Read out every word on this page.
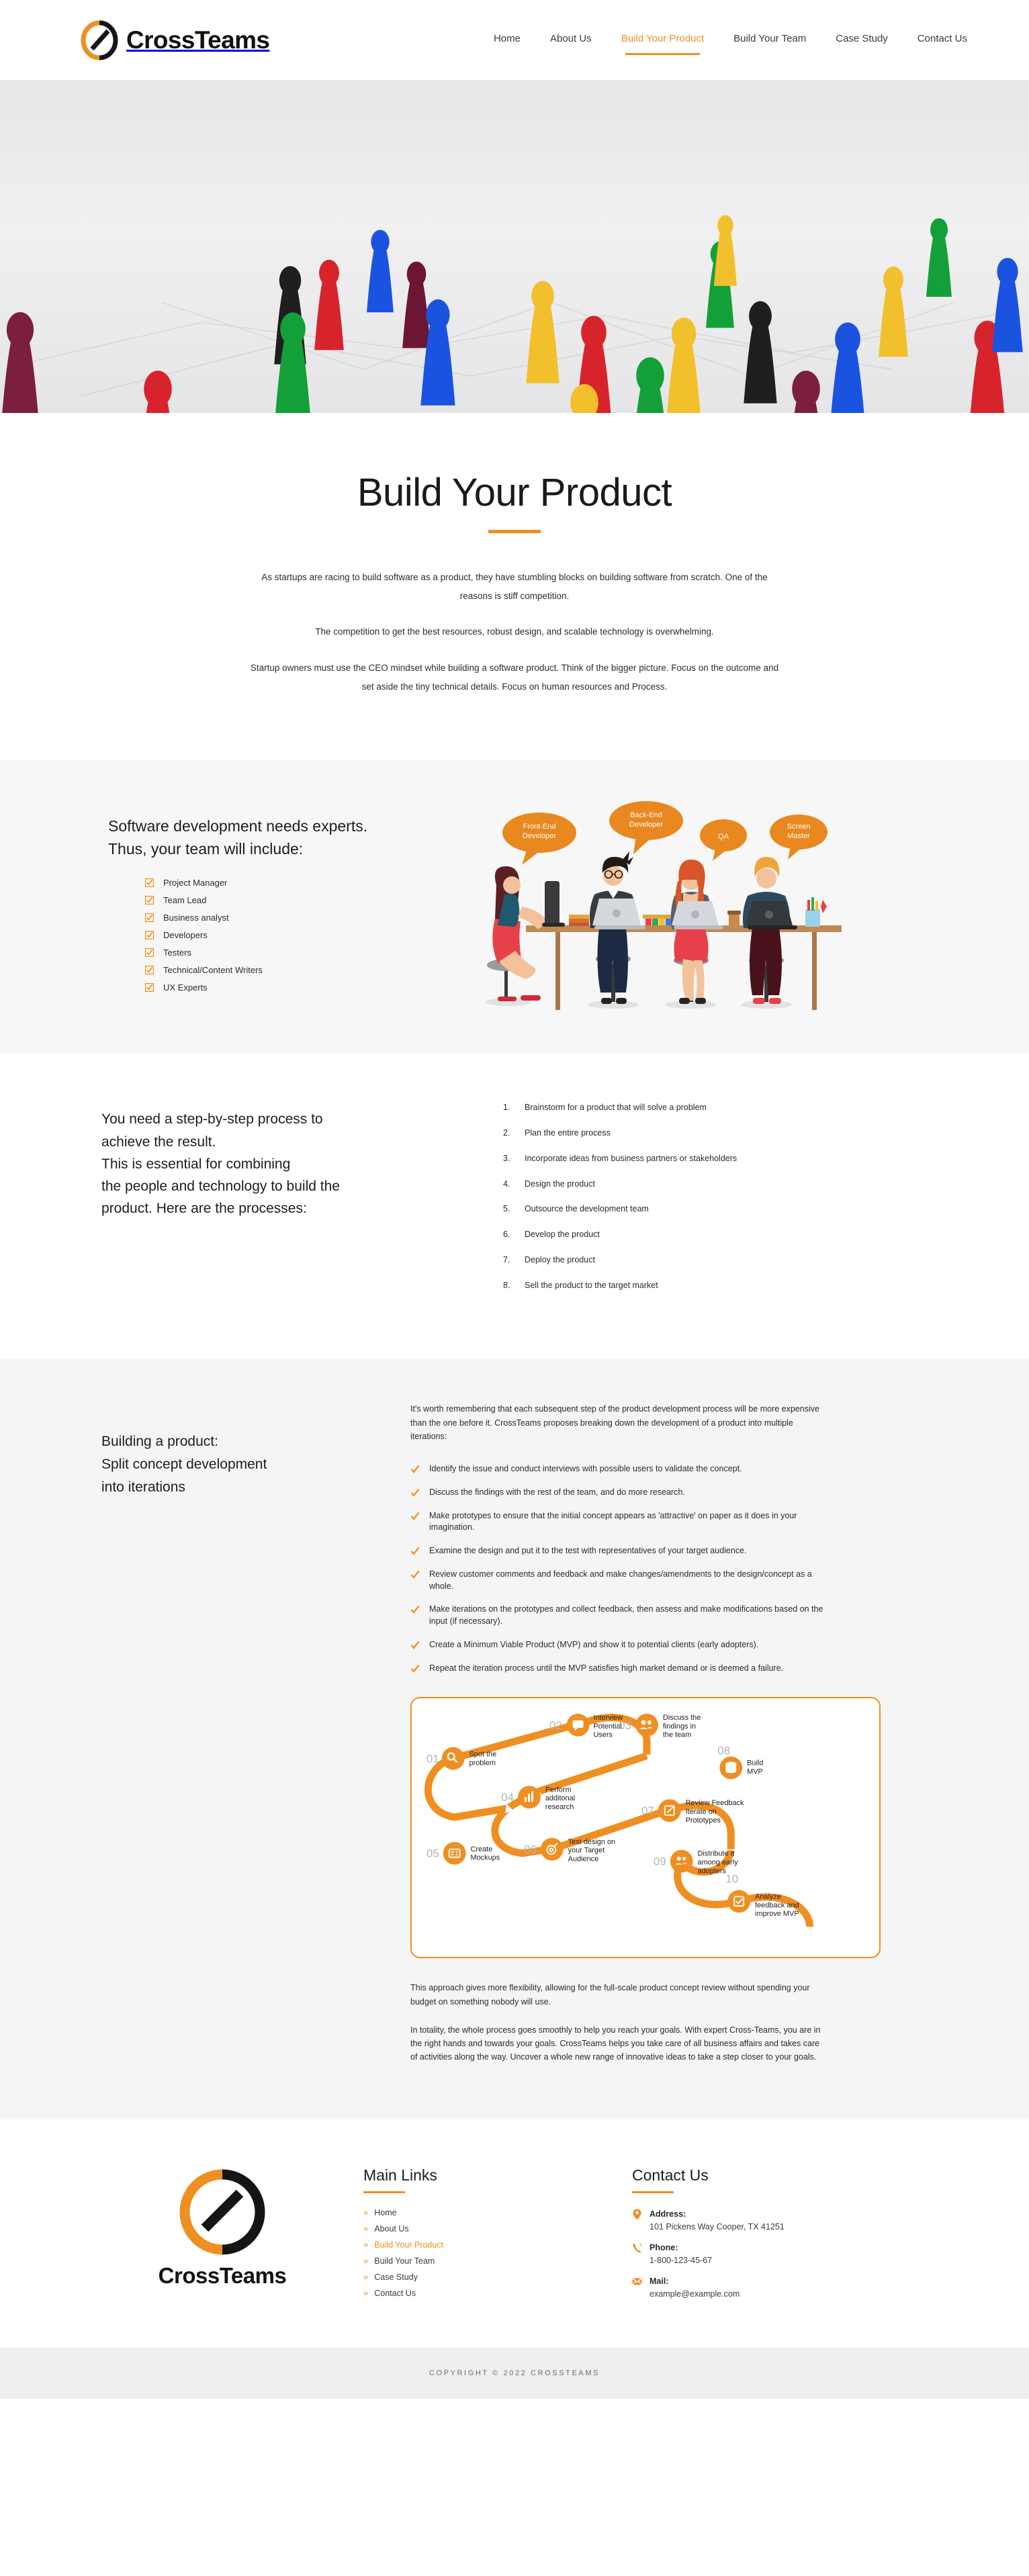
CrossTeams	Home	About Us	Build Your Product	Build Your Team	Case Study	Contact Us
Build Your Product

As startups are racing to build software as a product, they have stumbling blocks on building software from scratch. One of the reasons is stiff competition.

The competition to get the best resources, robust design, and scalable technology is overwhelming.

Startup owners must use the CEO mindset while building a software product. Think of the bigger picture. Focus on the outcome and set aside the tiny technical details. Focus on human resources and Process.

Software development needs experts.
Thus, your team will include:
Project Manager
Team Lead
Business analyst
Developers
Testers
Technical/Content Writers
UX Experts
Front-End
Developer
Back-End
Developer
QA
Screen
Master
You need a step-by-step process to
achieve the result.
This is essential for combining
the people and technology to build the
product. Here are the processes:
Brainstorm for a product that will solve a problem
Plan the entire process
Incorporate ideas from business partners or stakeholders
Design the product
Outsource the development team
Develop the product
Deploy the product
Sell the product to the target market
Building a product:
Split concept development
into iterations

It's worth remembering that each subsequent step of the product development process will be more expensive than the one before it. CrossTeams proposes breaking down the development of a product into multiple iterations:

Identify the issue and conduct interviews with possible users to validate the concept.
Discuss the findings with the rest of the team, and do more research.
Make prototypes to ensure that the initial concept appears as 'attractive' on paper as it does in your imagination.
Examine the design and put it to the test with representatives of your target audience.
Review customer comments and feedback and make changes/amendments to the design/concept as a whole.
Make iterations on the prototypes and collect feedback, then assess and make modifications based on the input (if necessary).
Create a Minimum Viable Product (MVP) and show it to potential clients (early adopters).
Repeat the iteration process until the MVP satisfies high market demand or is deemed a failure.
01	Spot the
problem
02
Interview
Potential
Users
03
Discuss the
findings in
the team
04
Perform
additonal
research
05	Create
Mockups
06
Test design on
your Target
Audience
07
Review Feedback
Iterate on
Prototypes
08
Build
MVP
09
Distribute it
among early
adopters
10
Analyze
feedback and
improve MVP

This approach gives more flexibility, allowing for the full-scale product concept review without spending your budget on something nobody will use.

In totality, the whole process goes smoothly to help you reach your goals. With expert Cross-Teams, you are in the right hands and towards your goals. CrossTeams helps you take care of all business affairs and takes care of activities along the way. Uncover a whole new range of innovative ideas to take a step closer to your goals.

CrossTeams
Main Links
» Home
» About Us
» Build Your Product
» Build Your Team
» Case Study
» Contact Us
Contact Us
Address:
101 Pickens Way Cooper, TX 41251
Phone:
1-800-123-45-67
Mail:
example@example.com
COPYRIGHT © 2022 CROSSTEAMS
